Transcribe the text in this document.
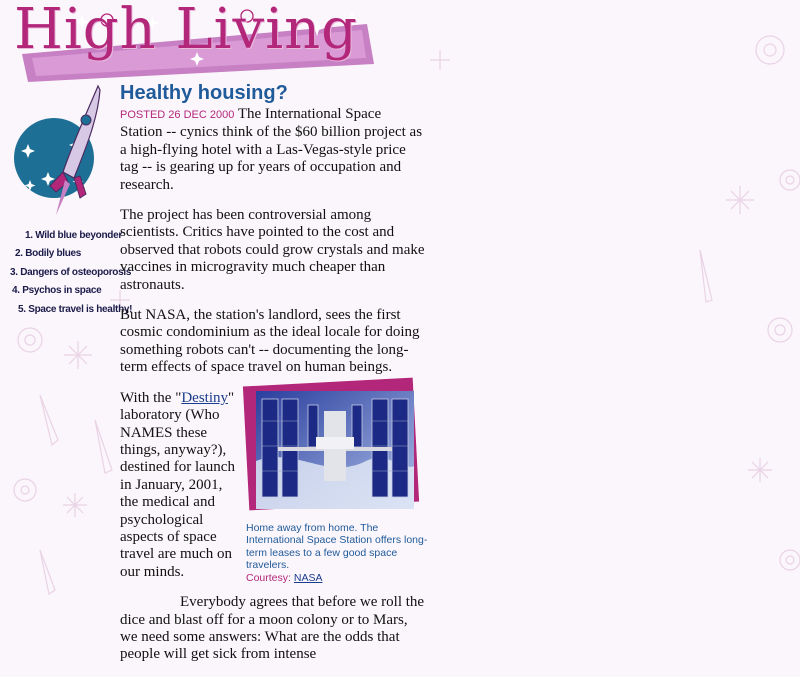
High Living
1. Wild blue beyonder
2. Bodily blues
3. Dangers of osteoporosis
4. Psychos in space
5. Space travel is healthy!
Healthy housing?

POSTED 26 DEC 2000 The International Space Station -- cynics think of the $60 billion project as a high-flying hotel with a Las-Vegas-style price tag -- is gearing up for years of occupation and research.

The project has been controversial among scientists. Critics have pointed to the cost and observed that robots could grow crystals and make vaccines in microgravity much cheaper than astronauts.

But NASA, the station's landlord, sees the first cosmic condominium as the ideal locale for doing something robots can't -- documenting the long-term effects of space travel on human beings.

Home away from home. The International Space Station offers long-term leases to a few good space travelers.
Courtesy: NASA

With the "Destiny" laboratory (Who NAMES these things, anyway?), destined for launch in January, 2001, the medical and psychological aspects of space travel are much on our minds.

Everybody agrees that before we roll the dice and blast off for a moon colony or to Mars, we need some answers: What are the odds that people will get sick from intense
